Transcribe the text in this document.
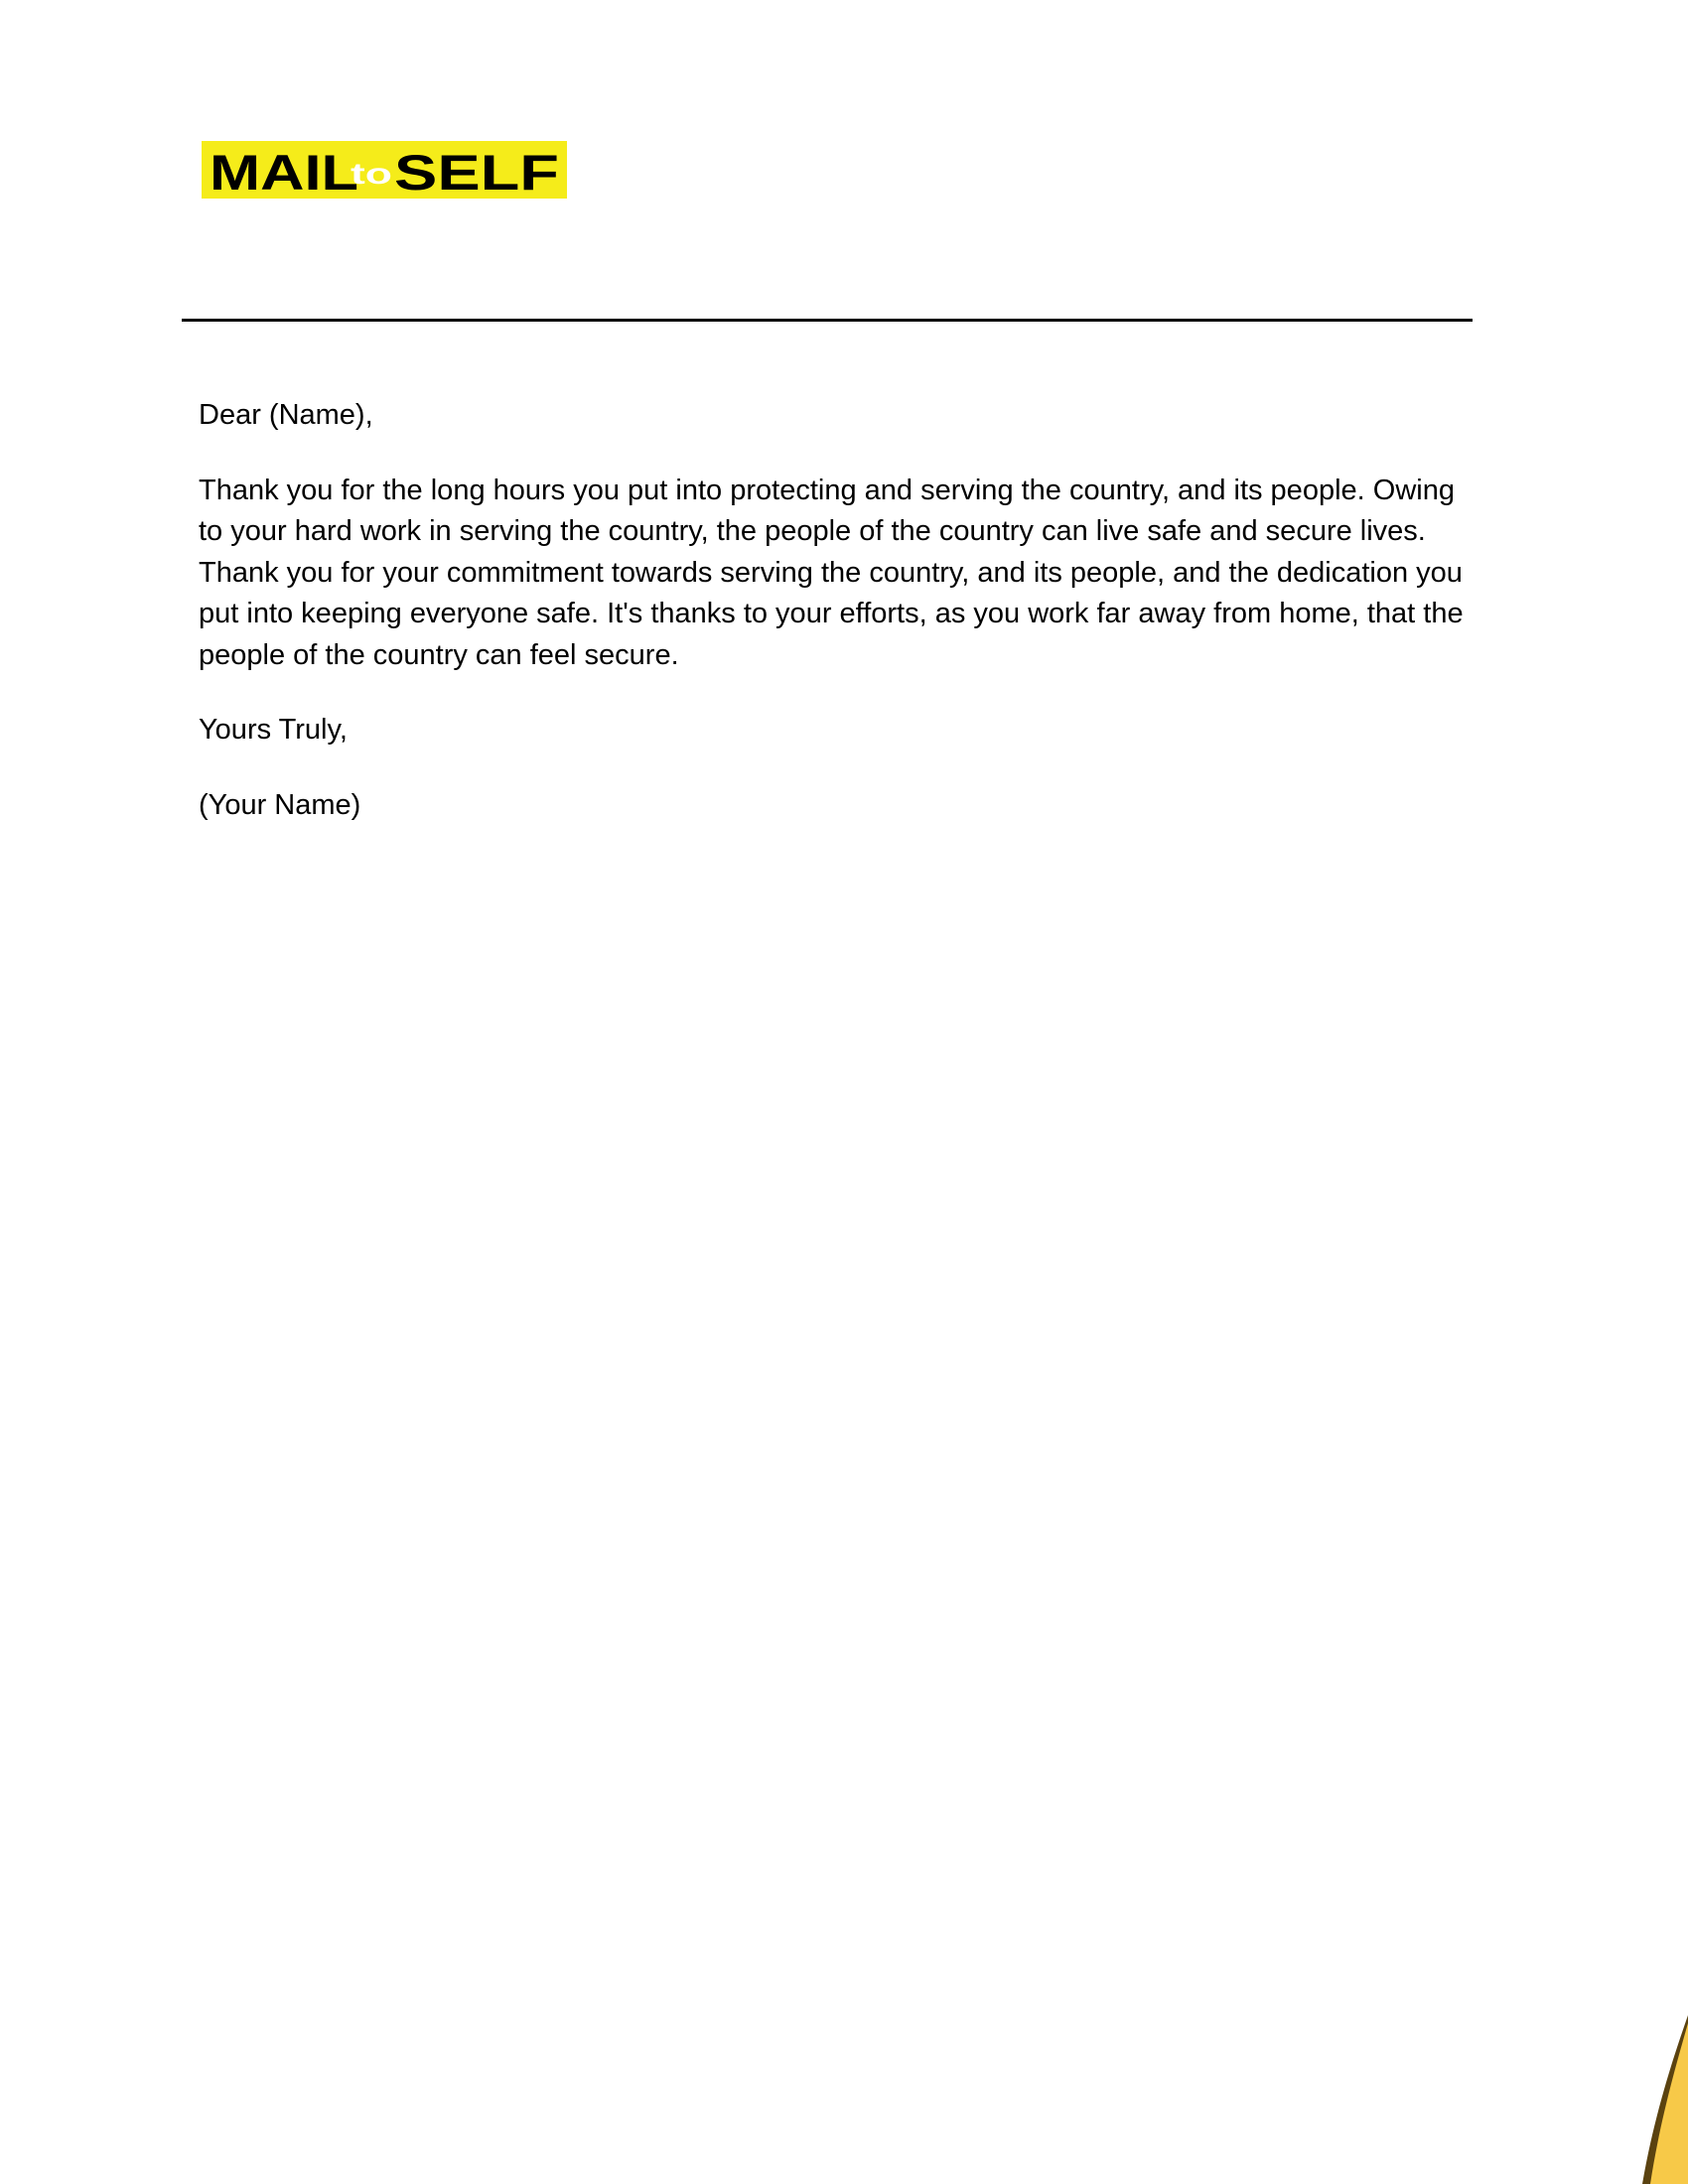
MAIL
to SELF

Dear (Name),

Thank you for the long hours you put into protecting and serving the country, and its people. Owing to your hard work in serving the country, the people of the country can live safe and secure lives. Thank you for your commitment towards serving the country, and its people, and the dedication you put into keeping everyone safe. It's thanks to your efforts, as you work far away from home, that the people of the country can feel secure.

Yours Truly,

(Your Name)
